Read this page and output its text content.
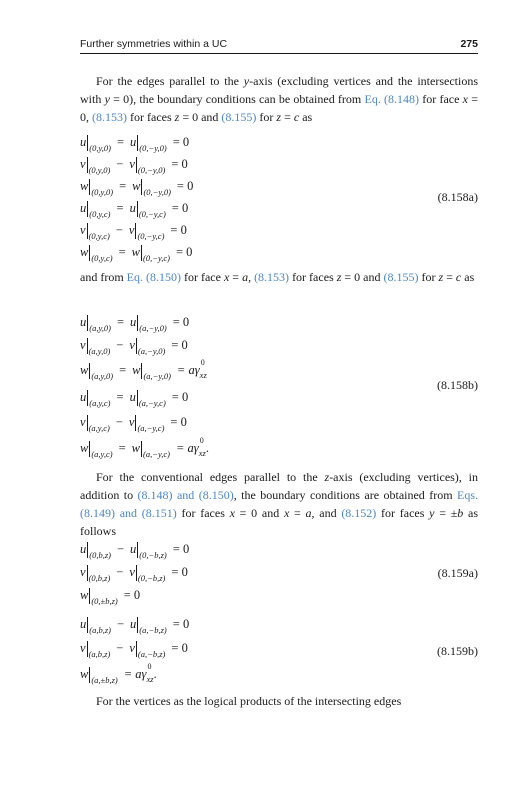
Further symmetries within a UC	275

For the edges parallel to the y-axis (excluding vertices and the intersections with y = 0), the boundary conditions can be obtained from Eq. (8.148) for face x = 0, (8.153) for faces z = 0 and (8.155) for z = c as

u $_{(0,y,0)}$ = u $_{(0,-y,0)}$ = 0
v $_{(0,y,0)}$ − v $_{(0,-y,0)}$ = 0
w $_{(0,y,0)}$ = w $_{(0,-y,0)}$ = 0
u $_{(0,y,c)}$ = u $_{(0,-y,c)}$ = 0
v $_{(0,y,c)}$ − v $_{(0,-y,c)}$ = 0
w $_{(0,y,c)}$ = w $_{(0,-y,c)}$ = 0
(8.158a)

and from Eq. (8.150) for face x = a, (8.153) for faces z = 0 and (8.155) for z = c as

u $_{(a,y,0)}$ = u $_{(a,-y,0)}$ = 0
v $_{(a,y,0)}$ − v $_{(a,-y,0)}$ = 0
w $_{(a,y,0)}$ = w $_{(a,-y,0)}$ = aγ
0
$_{xz}$
u $_{(a,y,c)}$ = u $_{(a,-y,c)}$ = 0
v $_{(a,y,c)}$ − v $_{(a,-y,c)}$ = 0
w $_{(a,y,c)}$ = w $_{(a,-y,c)}$ = aγ
0
$_{xz}$.
(8.158b)

For the conventional edges parallel to the z-axis (excluding vertices), in addition to (8.148) and (8.150), the boundary conditions are obtained from Eqs. (8.149) and (8.151) for faces x = 0 and x = a, and (8.152) for faces y = ±b as follows

u $_{(0,b,z)}$ − u $_{(0,-b,z)}$ = 0
v $_{(0,b,z)}$ − v $_{(0,-b,z)}$ = 0
w $_{(0,\pm b,z)}$ = 0
(8.159a)
u $_{(a,b,z)}$ − u $_{(a,-b,z)}$ = 0
v $_{(a,b,z)}$ − v $_{(a,-b,z)}$ = 0
w $_{(a,\pm b,z)}$ = aγ
0
$_{xz}$.
(8.159b)

For the vertices as the logical products of the intersecting edges
